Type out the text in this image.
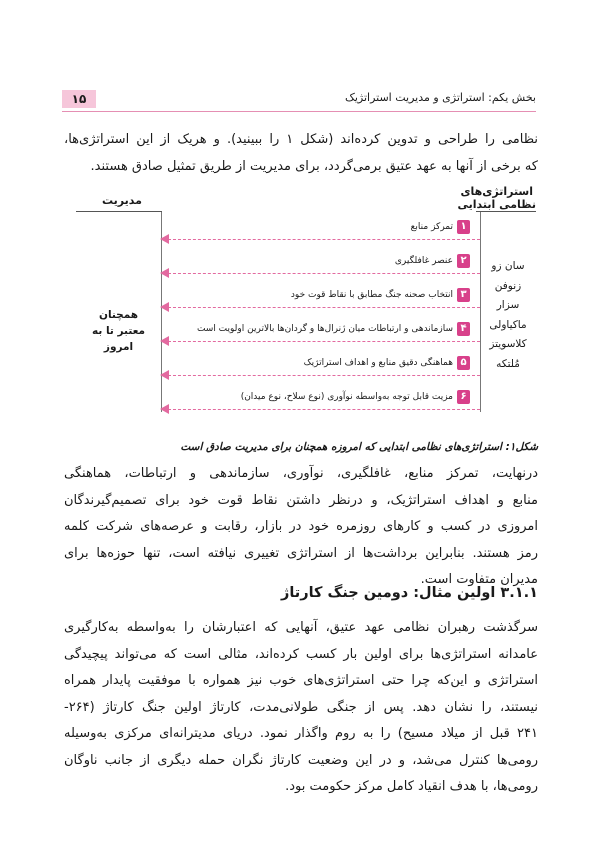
۱۵	بخش یکم: استراتژی و مدیریت استراتژیک
نظامی را طراحی و تدوین کرده‌اند (شکل ۱ را ببینید). و هریک از این استراتژی‌ها،
که برخی از آنها به عهد عتیق برمی‌گردد، برای مدیریت از طریق تمثیل صادق هستند.
مدیریت
استراتژی‌های
نظامی ابتدایی
۱
تمرکز منابع
۲
عنصر غافلگیری
۳
انتخاب صحنه جنگ مطابق با نقاط قوت خود
۴
سازماندهی و ارتباطات میان ژنرال‌ها و گردان‌ها بالاترین اولویت است
۵
هماهنگی دقیق منابع و اهداف استراتژیک
۶
مزیت قابل توجه به‌واسطه نوآوری (نوع سلاح، نوع میدان)
همچنان
معتبر تا به
امروز
سان زو
زنوفن
سزار
ماکیاولی
کلاسویتز
مُلتکه
شکل۱: استراتژی‌های نظامی ابتدایی که امروزه همچنان برای مدیریت صادق است
درنهایت، تمرکز منابع، غافلگیری، نوآوری، سازماندهی و ارتباطات، هماهنگی
منابع و اهداف استراتژیک، و درنظر داشتن نقاط قوت خود برای تصمیم‌گیرندگان
امروزی در کسب و کارهای روزمره خود در بازار، رقابت و عرصه‌های شرکت کلمه
رمز هستند. بنابراین برداشت‌ها از استراتژی تغییری نیافته است، تنها حوزه‌ها برای
مدیران متفاوت است.
۳.۱.۱ اولین مثال: دومین جنگ کارتاژ
سرگذشت رهبران نظامی عهد عتیق، آنهایی که اعتبارشان را به‌واسطه به‌کارگیری
عامدانه استراتژی‌ها برای اولین بار کسب کرده‌اند، مثالی است که می‌تواند پیچیدگی
استراتژی و این‌که چرا حتی استراتژی‌های خوب نیز همواره با موفقیت پایدار همراه
نیستند، را نشان دهد. پس از جنگی طولانی‌مدت، کارتاژ اولین جنگ کارتاژ (۲۶۴-
۲۴۱ قبل از میلاد مسیح) را به روم واگذار نمود. دریای مدیترانه‌ای مرکزی به‌وسیله
رومی‌ها کنترل می‌شد، و در این وضعیت کارتاژ نگران حمله دیگری از جانب ناوگان
رومی‌ها، با هدف انقیاد کامل مرکز حکومت بود.
